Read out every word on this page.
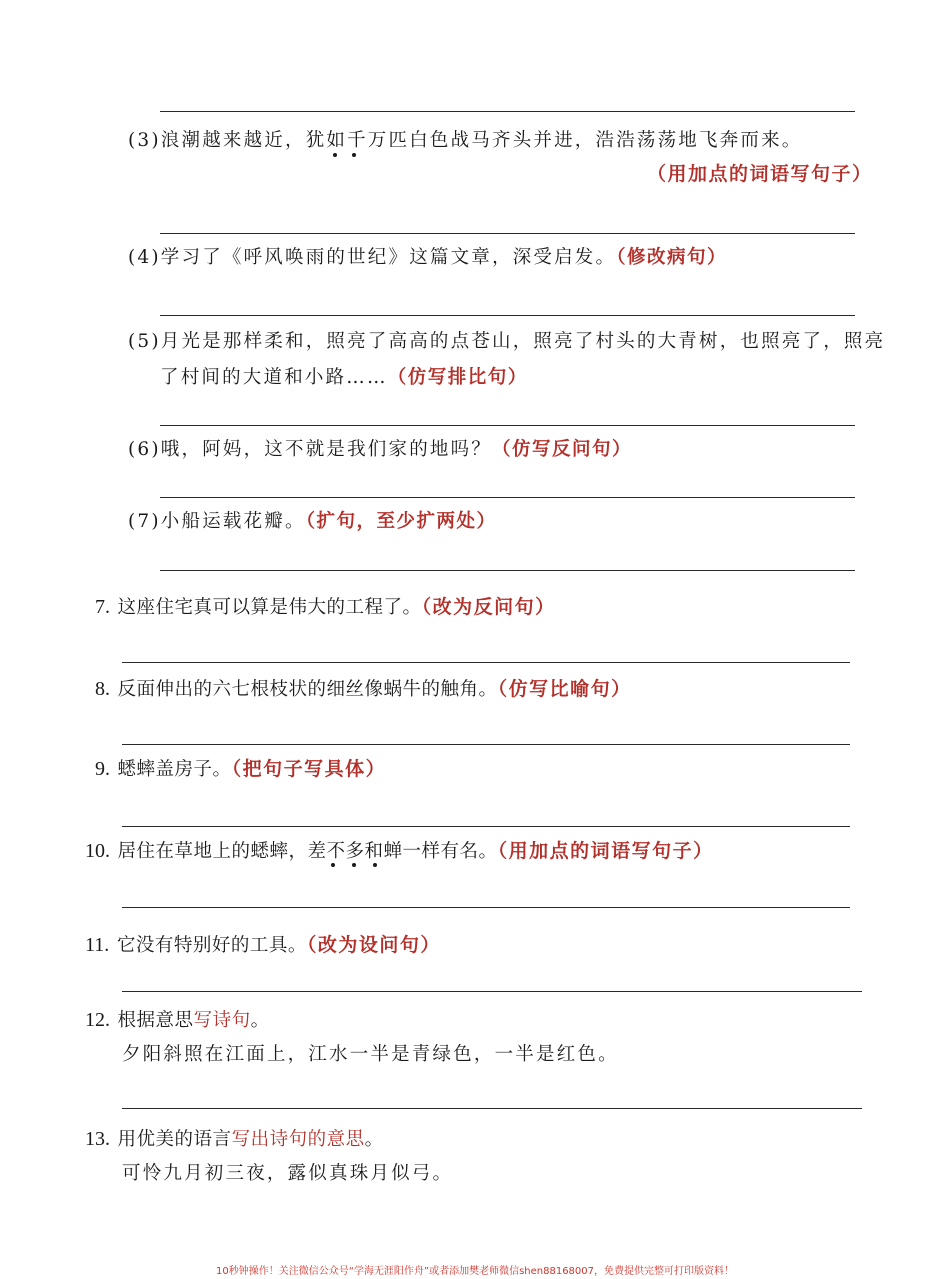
(3)浪潮越来越近，犹如千万匹白色战马齐头并进，浩浩荡荡地飞奔而来。
（用加点的词语写句子）
(4)学习了《呼风唤雨的世纪》这篇文章，深受启发。（修改病句）
(5)月光是那样柔和，照亮了高高的点苍山，照亮了村头的大青树，也照亮了，照亮
了村间的大道和小路……（仿写排比句）
(6)哦，阿妈，这不就是我们家的地吗？（仿写反问句）
(7)小船运载花瓣。（扩句，至少扩两处）
7. 这座住宅真可以算是伟大的工程了。（改为反问句）
8. 反面伸出的六七根枝状的细丝像蜗牛的触角。（仿写比喻句）
9. 蟋蟀盖房子。（把句子写具体）
10. 居住在草地上的蟋蟀，差不多和蝉一样有名。（用加点的词语写句子）
11. 它没有特别好的工具。（改为设问句）
12. 根据意思写诗句。
夕阳斜照在江面上，江水一半是青绿色，一半是红色。
13. 用优美的语言写出诗句的意思。
可怜九月初三夜，露似真珠月似弓。
10秒钟操作！关注微信公众号“学海无涯阳作舟”或者添加樊老师微信shen88168007，免费提供完整可打印版资料！
